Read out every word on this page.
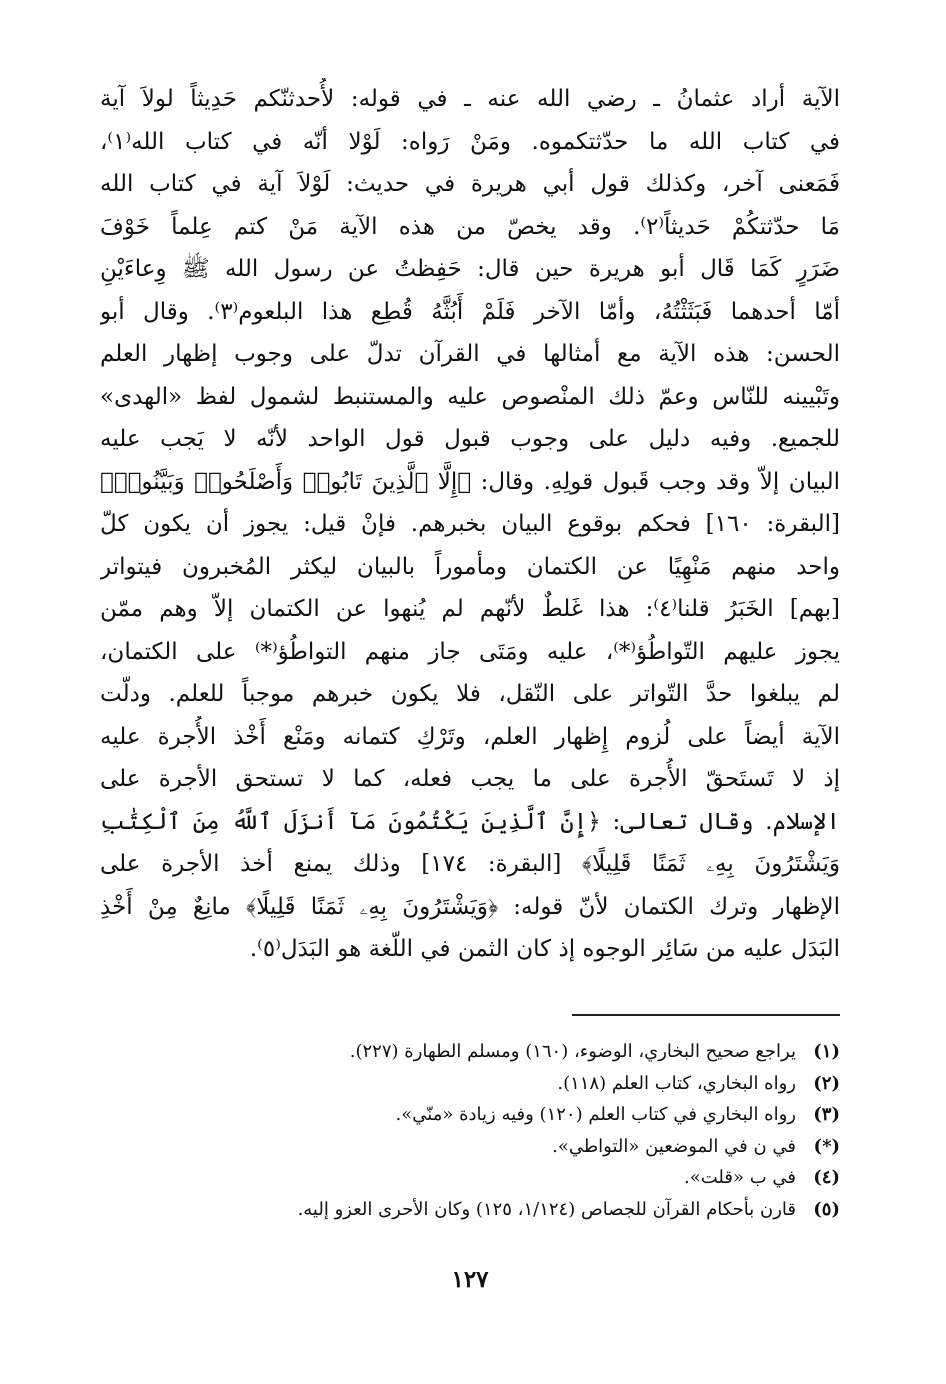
الآية أراد عثمانُ ـ رضي الله عنه ـ في قوله: لأُحدثنّكم حَدِيثاً لولاَ آية
في كتاب الله ما حدّثتكموه. ومَنْ رَواه: لَوْلا أنّه في كتاب الله⁽١⁾،
فَمَعنى آخر، وكذلك قول أبي هريرة في حديث: لَوْلاَ آية في كتاب الله
مَا حدّثتكُمْ حَديثاً⁽٢⁾. وقد يخصّ من هذه الآية مَنْ كتم عِلماً خَوْفَ
ضَرَرٍ كَمَا قَال أبو هريرة حين قال: حَفِظتُ عن رسول الله ﷺ وِعاءَيْنِ
أمّا أحدهما فَبَثَثْتُهُ، وأمّا الآخر فَلَمْ أَبُثَّهُ قُطِع هذا البلعوم⁽٣⁾. وقال أبو
الحسن: هذه الآية مع أمثالها في القرآن تدلّ على وجوب إظهار العلم
وتَبْيينه للنّاس وعمّ ذلك المنْصوص عليه والمستنبط لشمول لفظ «الهدى»
للجميع. وفيه دليل على وجوب قبول قول الواحد لأنّه لا يَجب عليه
البيان إلاّ وقد وجب قَبول قولِهِ. وقال: ﴿إِلَّا ٱلَّذِينَ تَابُوا۟ وَأَصْلَحُوا۟ وَبَيَّنُوا۟﴾
[البقرة: ١٦٠] فحكم بوقوع البيان بخبرهم. فإنْ قيل: يجوز أن يكون كلّ
واحد منهم مَنْهِيًا عن الكتمان ومأموراً بالبيان ليكثر المُخبرون فيتواتر
[بهم] الخَبَرُ قلنا⁽٤⁾: هذا غَلطٌ لأنّهم لم يُنهوا عن الكتمان إلاّ وهم ممّن
يجوز عليهم التّواطُؤ⁽*⁾، عليه ومَتَى جاز منهم التواطُؤ⁽*⁾ على الكتمان،
لم يبلغوا حدَّ التّواتر على النّقل، فلا يكون خبرهم موجباً للعلم. ودلّت
الآية أيضاً على لُزوم إِظهار العلم، وتَرْكِ كتمانه ومَنْع أَخْذ الأُجرة عليه
إذ لا تَستَحقّ الأُجرة على ما يجب فعله، كما لا تستحق الأجرة على
الإسلام. وقال تعالى: ﴿إِنَّ ٱلَّذِينَ يَكْتُمُونَ مَآ أَنزَلَ ٱللَّهُ مِنَ ٱلْكِتَٰبِ
وَيَشْتَرُونَ بِهِۦ ثَمَنًا قَلِيلًا﴾ [البقرة: ١٧٤] وذلك يمنع أخذ الأجرة على
الإظهار وترك الكتمان لأنّ قوله: ﴿وَيَشْتَرُونَ بِهِۦ ثَمَنًا قَلِيلًا﴾ مانِعٌ مِنْ أَخْذِ
البَدَل عليه من سَائِر الوجوه إذ كان الثمن في اللّغة هو البَدَل⁽٥⁾.

(١)
يراجع صحيح البخاري، الوضوء، (١٦٠) ومسلم الطهارة (٢٢٧).
(٢)
رواه البخاري، كتاب العلم (١١٨).
(٣)
رواه البخاري في كتاب العلم (١٢٠) وفيه زيادة «منّي».
(*)
في ن في الموضعين «التواطي».
(٤)
في ب «قلت».
(٥)
قارن بأحكام القرآن للجصاص (١/١٢٤، ١٢٥) وكان الأحرى العزو إليه.
١٢٧
